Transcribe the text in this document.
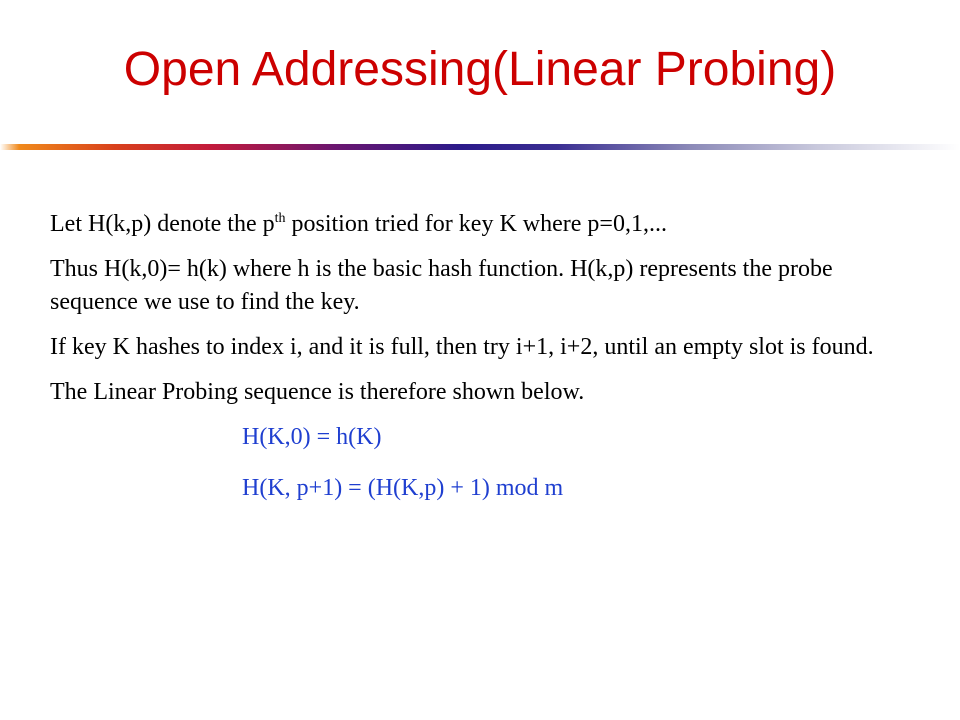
Open Addressing(Linear Probing)

Let H(k,p) denote the $p^{th}$ position tried for key K where p=0,1,...

Thus H(k,0)= h(k) where h is the basic hash function. H(k,p) represents the probe sequence we use to find the key.

If key K hashes to index i, and it is full, then try i+1, i+2, until an empty slot is found.

The Linear Probing sequence is therefore shown below.

H(K,0) = h(K)
H(K, p+1) = (H(K,p) + 1) mod m
